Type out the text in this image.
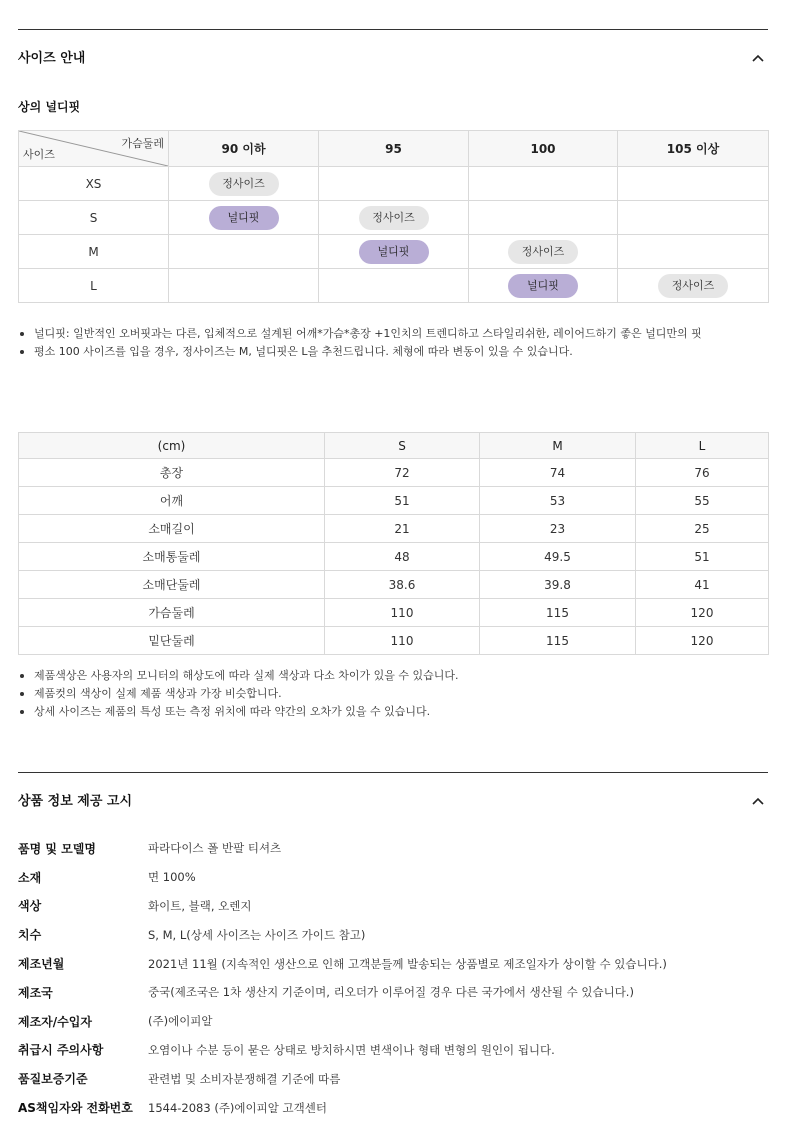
사이즈 안내
상의 널디핏
가슴둘레
사이즈	90 이하	95	100	105 이상
XS	정사이즈			
S	널디핏	정사이즈		
M		널디핏	정사이즈	
L			널디핏	정사이즈
널디핏: 일반적인 오버핏과는 다른, 입체적으로 설계된 어깨*가슴*총장 +1인치의 트렌디하고 스타일리쉬한, 레이어드하기 좋은 널디만의 핏
평소 100 사이즈를 입을 경우, 정사이즈는 M, 널디핏은 L을 추천드립니다. 체형에 따라 변동이 있을 수 있습니다.
(cm)	S	M	L
총장	72	74	76
어깨	51	53	55
소매길이	21	23	25
소매통둘레	48	49.5	51
소매단둘레	38.6	39.8	41
가슴둘레	110	115	120
밑단둘레	110	115	120
제품색상은 사용자의 모니터의 해상도에 따라 실제 색상과 다소 차이가 있을 수 있습니다.
제품컷의 색상이 실제 제품 색상과 가장 비슷합니다.
상세 사이즈는 제품의 특성 또는 측정 위치에 따라 약간의 오차가 있을 수 있습니다.
상품 정보 제공 고시
품명 및 모델명	파라다이스 폴 반팔 티셔츠
소재	면 100%
색상	화이트, 블랙, 오렌지
치수	S, M, L(상세 사이즈는 사이즈 가이드 참고)
제조년월	2021년 11월 (지속적인 생산으로 인해 고객분들께 발송되는 상품별로 제조일자가 상이할 수 있습니다.)
제조국	중국(제조국은 1차 생산지 기준이며, 리오더가 이루어질 경우 다른 국가에서 생산될 수 있습니다.)
제조자/수입자	(주)에이피알
취급시 주의사항	오염이나 수분 등이 묻은 상태로 방치하시면 변색이나 형태 변형의 원인이 됩니다.
품질보증기준	관련법 및 소비자분쟁해결 기준에 따름
AS책임자와 전화번호	1544-2083 (주)에이피알 고객센터
